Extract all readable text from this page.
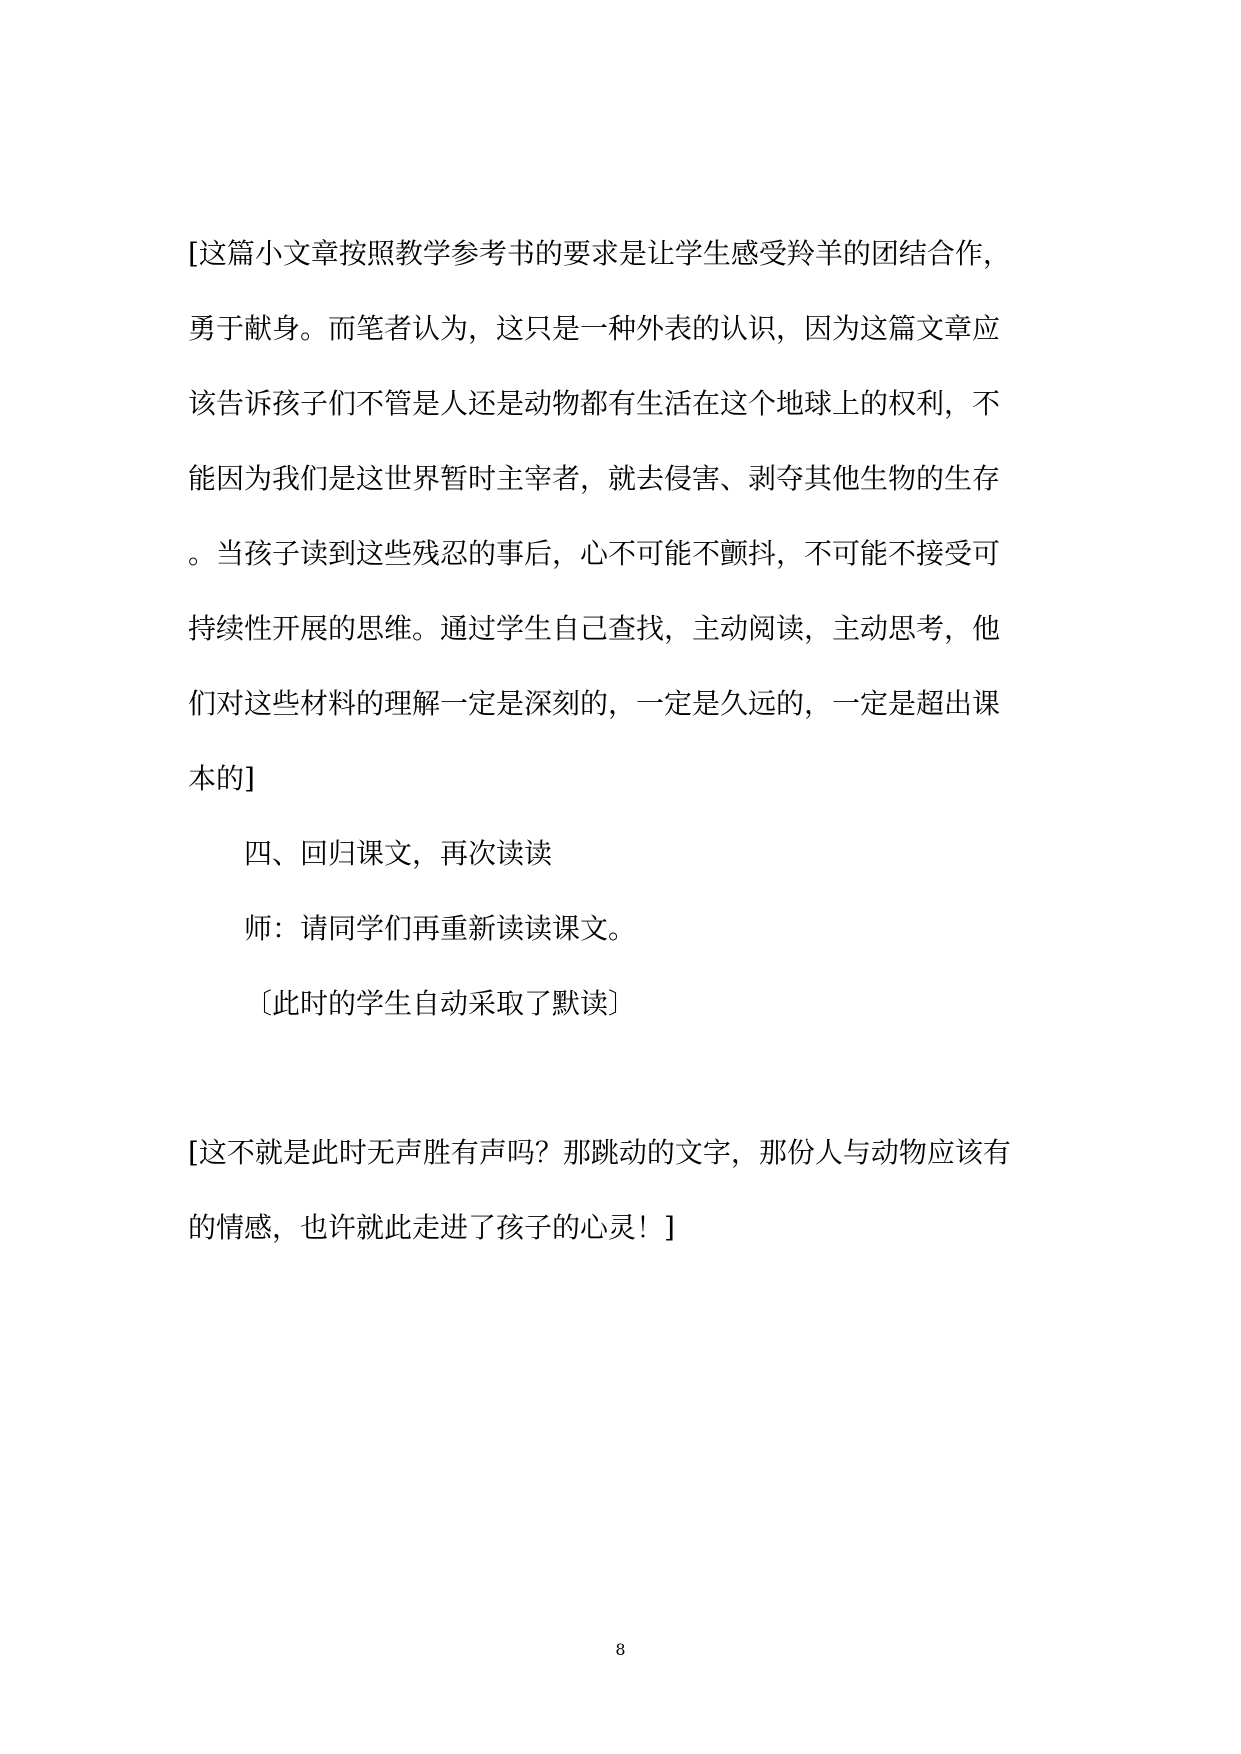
[这篇小文章按照教学参考书的要求是让学生感受羚羊的团结合作，
勇于献身。而笔者认为，这只是一种外表的认识，因为这篇文章应
该告诉孩子们不管是人还是动物都有生活在这个地球上的权利，不
能因为我们是这世界暂时主宰者，就去侵害、剥夺其他生物的生存
。当孩子读到这些残忍的事后，心不可能不颤抖，不可能不接受可
持续性开展的思维。通过学生自己查找，主动阅读，主动思考，他
们对这些材料的理解一定是深刻的，一定是久远的，一定是超出课
本的]
四、回归课文，再次读读
师：请同学们再重新读读课文。
〔此时的学生自动采取了默读〕
[这不就是此时无声胜有声吗？那跳动的文字，那份人与动物应该有
的情感，也许就此走进了孩子的心灵！]
8
